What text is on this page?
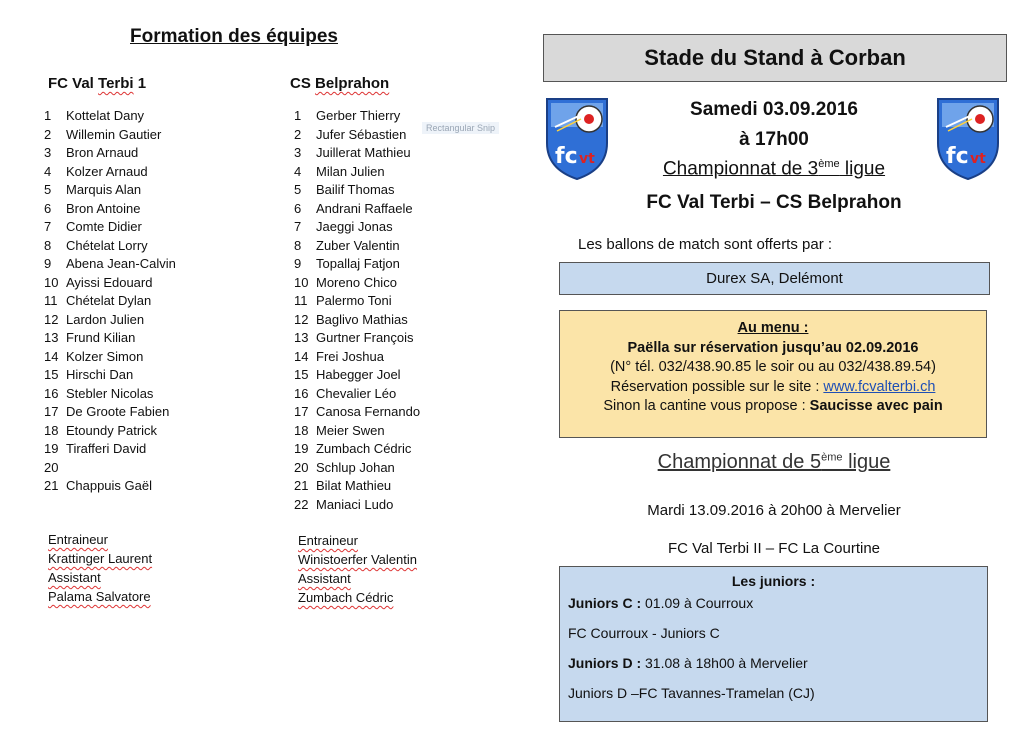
Formation des équipes
FC Val Terbi 1
1 Kottelat Dany
2 Willemin Gautier
3 Bron Arnaud
4 Kolzer Arnaud
5 Marquis Alan
6 Bron Antoine
7 Comte Didier
8 Chételat Lorry
9 Abena Jean-Calvin
10 Ayissi Edouard
11 Chételat Dylan
12 Lardon Julien
13 Frund Kilian
14 Kolzer Simon
15 Hirschi Dan
16 Stebler Nicolas
17 De Groote Fabien
18 Etoundy Patrick
19 Tirafferi David
20
21 Chappuis Gaël
Entraineur
Krattinger Laurent
Assistant
Palama Salvatore
CS Belprahon
1 Gerber Thierry
2 Jufer Sébastien
3 Juillerat Mathieu
4 Milan Julien
5 Bailif Thomas
6 Andrani Raffaele
7 Jaeggi Jonas
8 Zuber Valentin
9 Topallaj Fatjon
10 Moreno Chico
11 Palermo Toni
12 Baglivo Mathias
13 Gurtner François
14 Frei Joshua
15 Habegger Joel
16 Chevalier Léo
17 Canosa Fernando
18 Meier Swen
19 Zumbach Cédric
20 Schlup Johan
21 Bilat Mathieu
22 Maniaci Ludo
Entraineur
Winistoerfer Valentin
Assistant
Zumbach Cédric
Rectangular Snip
Stade du Stand à Corban
fc vt	fc vt
Samedi 03.09.2016
à 17h00
Championnat de 3ème ligue
FC Val Terbi – CS Belprahon
Les ballons de match sont offerts par :
Durex SA, Delémont
Au menu :
Paëlla sur réservation jusqu’au 02.09.2016
(N° tél. 032/438.90.85 le soir ou au 032/438.89.54)
Réservation possible sur le site : www.fcvalterbi.ch
Sinon la cantine vous propose : Saucisse avec pain
Championnat de 5ème ligue
Mardi 13.09.2016 à 20h00 à Mervelier
FC Val Terbi II – FC La Courtine
Les juniors :
Juniors C : 01.09 à Courroux
FC Courroux - Juniors C
Juniors D : 31.08 à 18h00 à Mervelier
Juniors D –FC Tavannes-Tramelan (CJ)
